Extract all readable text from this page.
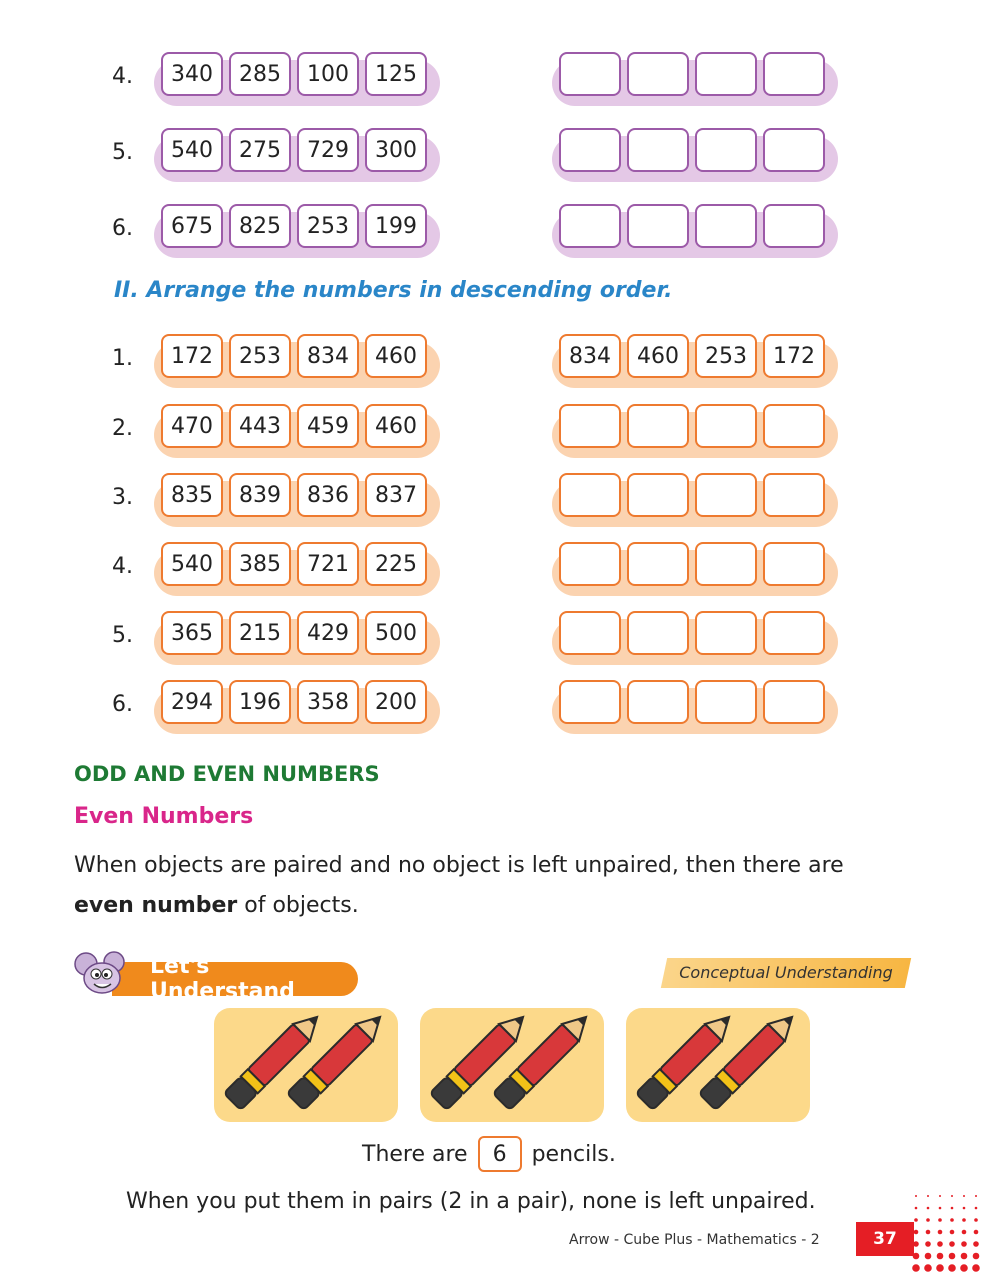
4.	340	285	100	125
5.	540	275	729	300
6.	675	825	253	199
II. Arrange the numbers in descending order.
1.	172	253	834	460	834	460	253	172
2.	470	443	459	460
3.	835	839	836	837
4.	540	385	721	225
5.	365	215	429	500
6.	294	196	358	200
ODD AND EVEN NUMBERS
Even Numbers
When objects are paired and no object is left unpaired, then there are
even number of objects.
Let's Understand
Conceptual Understanding
There are	6	pencils.
When you put them in pairs (2 in a pair), none is left unpaired.
Arrow - Cube Plus - Mathematics - 2	37
